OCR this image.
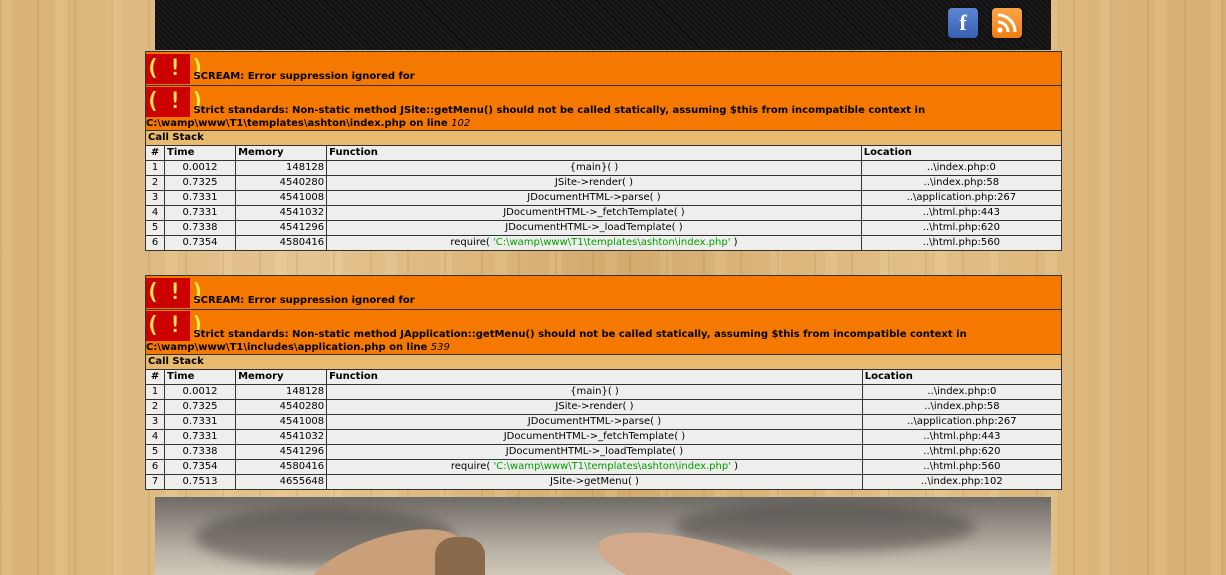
f
( ! ) SCREAM: Error suppression ignored for				
( ! ) Strict standards: Non-static method JSite::getMenu() should not be called statically, assuming $this from incompatible context in
C:\wamp\www\T1\templates\ashton\index.php on line 102				
Call Stack				
#	Time	Memory	Function	Location
1	0.0012	148128	{main}( )	..\index.php:0
2	0.7325	4540280	JSite->render( )	..\index.php:58
3	0.7331	4541008	JDocumentHTML->parse( )	..\application.php:267
4	0.7331	4541032	JDocumentHTML->_fetchTemplate( )	..\html.php:443
5	0.7338	4541296	JDocumentHTML->_loadTemplate( )	..\html.php:620
6	0.7354	4580416	require( 'C:\wamp\www\T1\templates\ashton\index.php' )	..\html.php:560
( ! ) SCREAM: Error suppression ignored for				
( ! ) Strict standards: Non-static method JApplication::getMenu() should not be called statically, assuming $this from incompatible context in
C:\wamp\www\T1\includes\application.php on line 539				
Call Stack				
#	Time	Memory	Function	Location
1	0.0012	148128	{main}( )	..\index.php:0
2	0.7325	4540280	JSite->render( )	..\index.php:58
3	0.7331	4541008	JDocumentHTML->parse( )	..\application.php:267
4	0.7331	4541032	JDocumentHTML->_fetchTemplate( )	..\html.php:443
5	0.7338	4541296	JDocumentHTML->_loadTemplate( )	..\html.php:620
6	0.7354	4580416	require( 'C:\wamp\www\T1\templates\ashton\index.php' )	..\html.php:560
7	0.7513	4655648	JSite->getMenu( )	..\index.php:102
